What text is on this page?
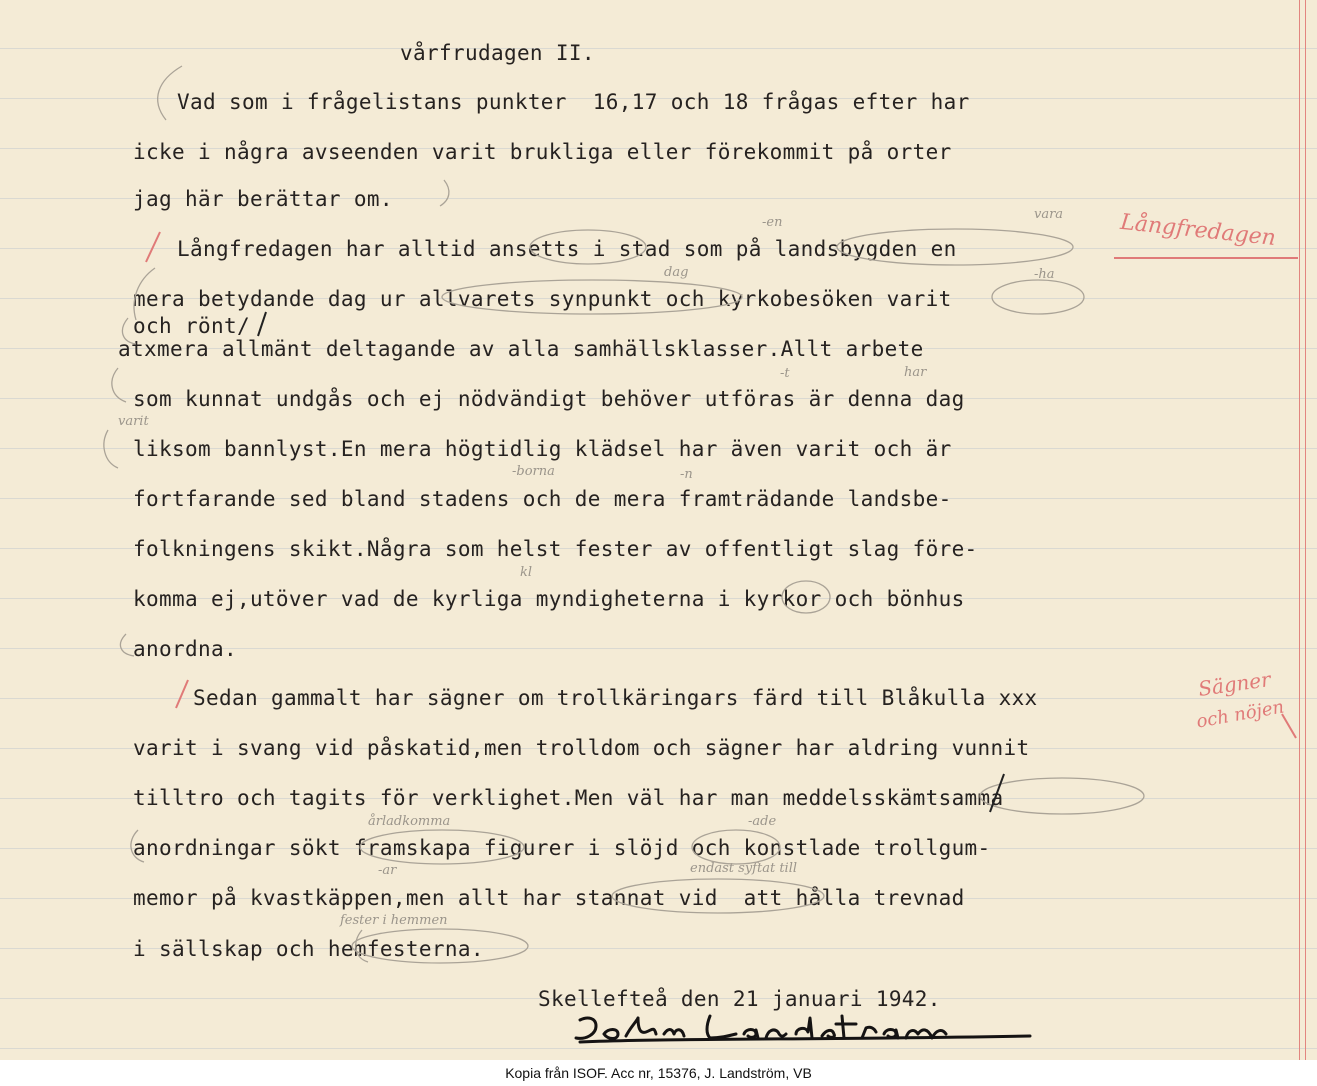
vårfrudagen II.

Vad som i frågelistans punkter  16,17 och 18 frågas efter har

icke i några avseenden varit brukliga eller förekommit på orter

jag här berättar om.

Långfredagen har alltid ansetts i stad som på landsbygden en

mera betydande dag ur allvarets synpunkt och kyrkobesöken varit

och rönt/

atxmera allmänt deltagande av alla samhällsklasser.Allt arbete

som kunnat undgås och ej nödvändigt behöver utföras är denna dag

liksom bannlyst.En mera högtidlig klädsel har även varit och är

fortfarande sed bland stadens och de mera framträdande landsbe-

folkningens skikt.Några som helst fester av offentligt slag före-

komma ej,utöver vad de kyrliga myndigheterna i kyrkor och bönhus

anordna.

Sedan gammalt har sägner om trollkäringars färd till Blåkulla xxx

varit i svang vid påskatid,men trolldom och sägner har aldring vunnit

tilltro och tagits för verklighet.Men väl har man meddelsskämtsamma

anordningar sökt framskapa figurer i slöjd och konstlade trollgum-

memor på kvastkäppen,men allt har stannat vid  att hålla trevnad

i sällskap och hemfesterna.

Skellefteå den 21 januari 1942.

Långfredagen

Sägner

och nöjen

-en

vara

dag	-ha

-t	har

varit

-borna	-n

kl

årladkomma	-ade

-ar	endast syftat till

fester i hemmen

Kopia från ISOF. Acc nr, 15376, J. Landström, VB
